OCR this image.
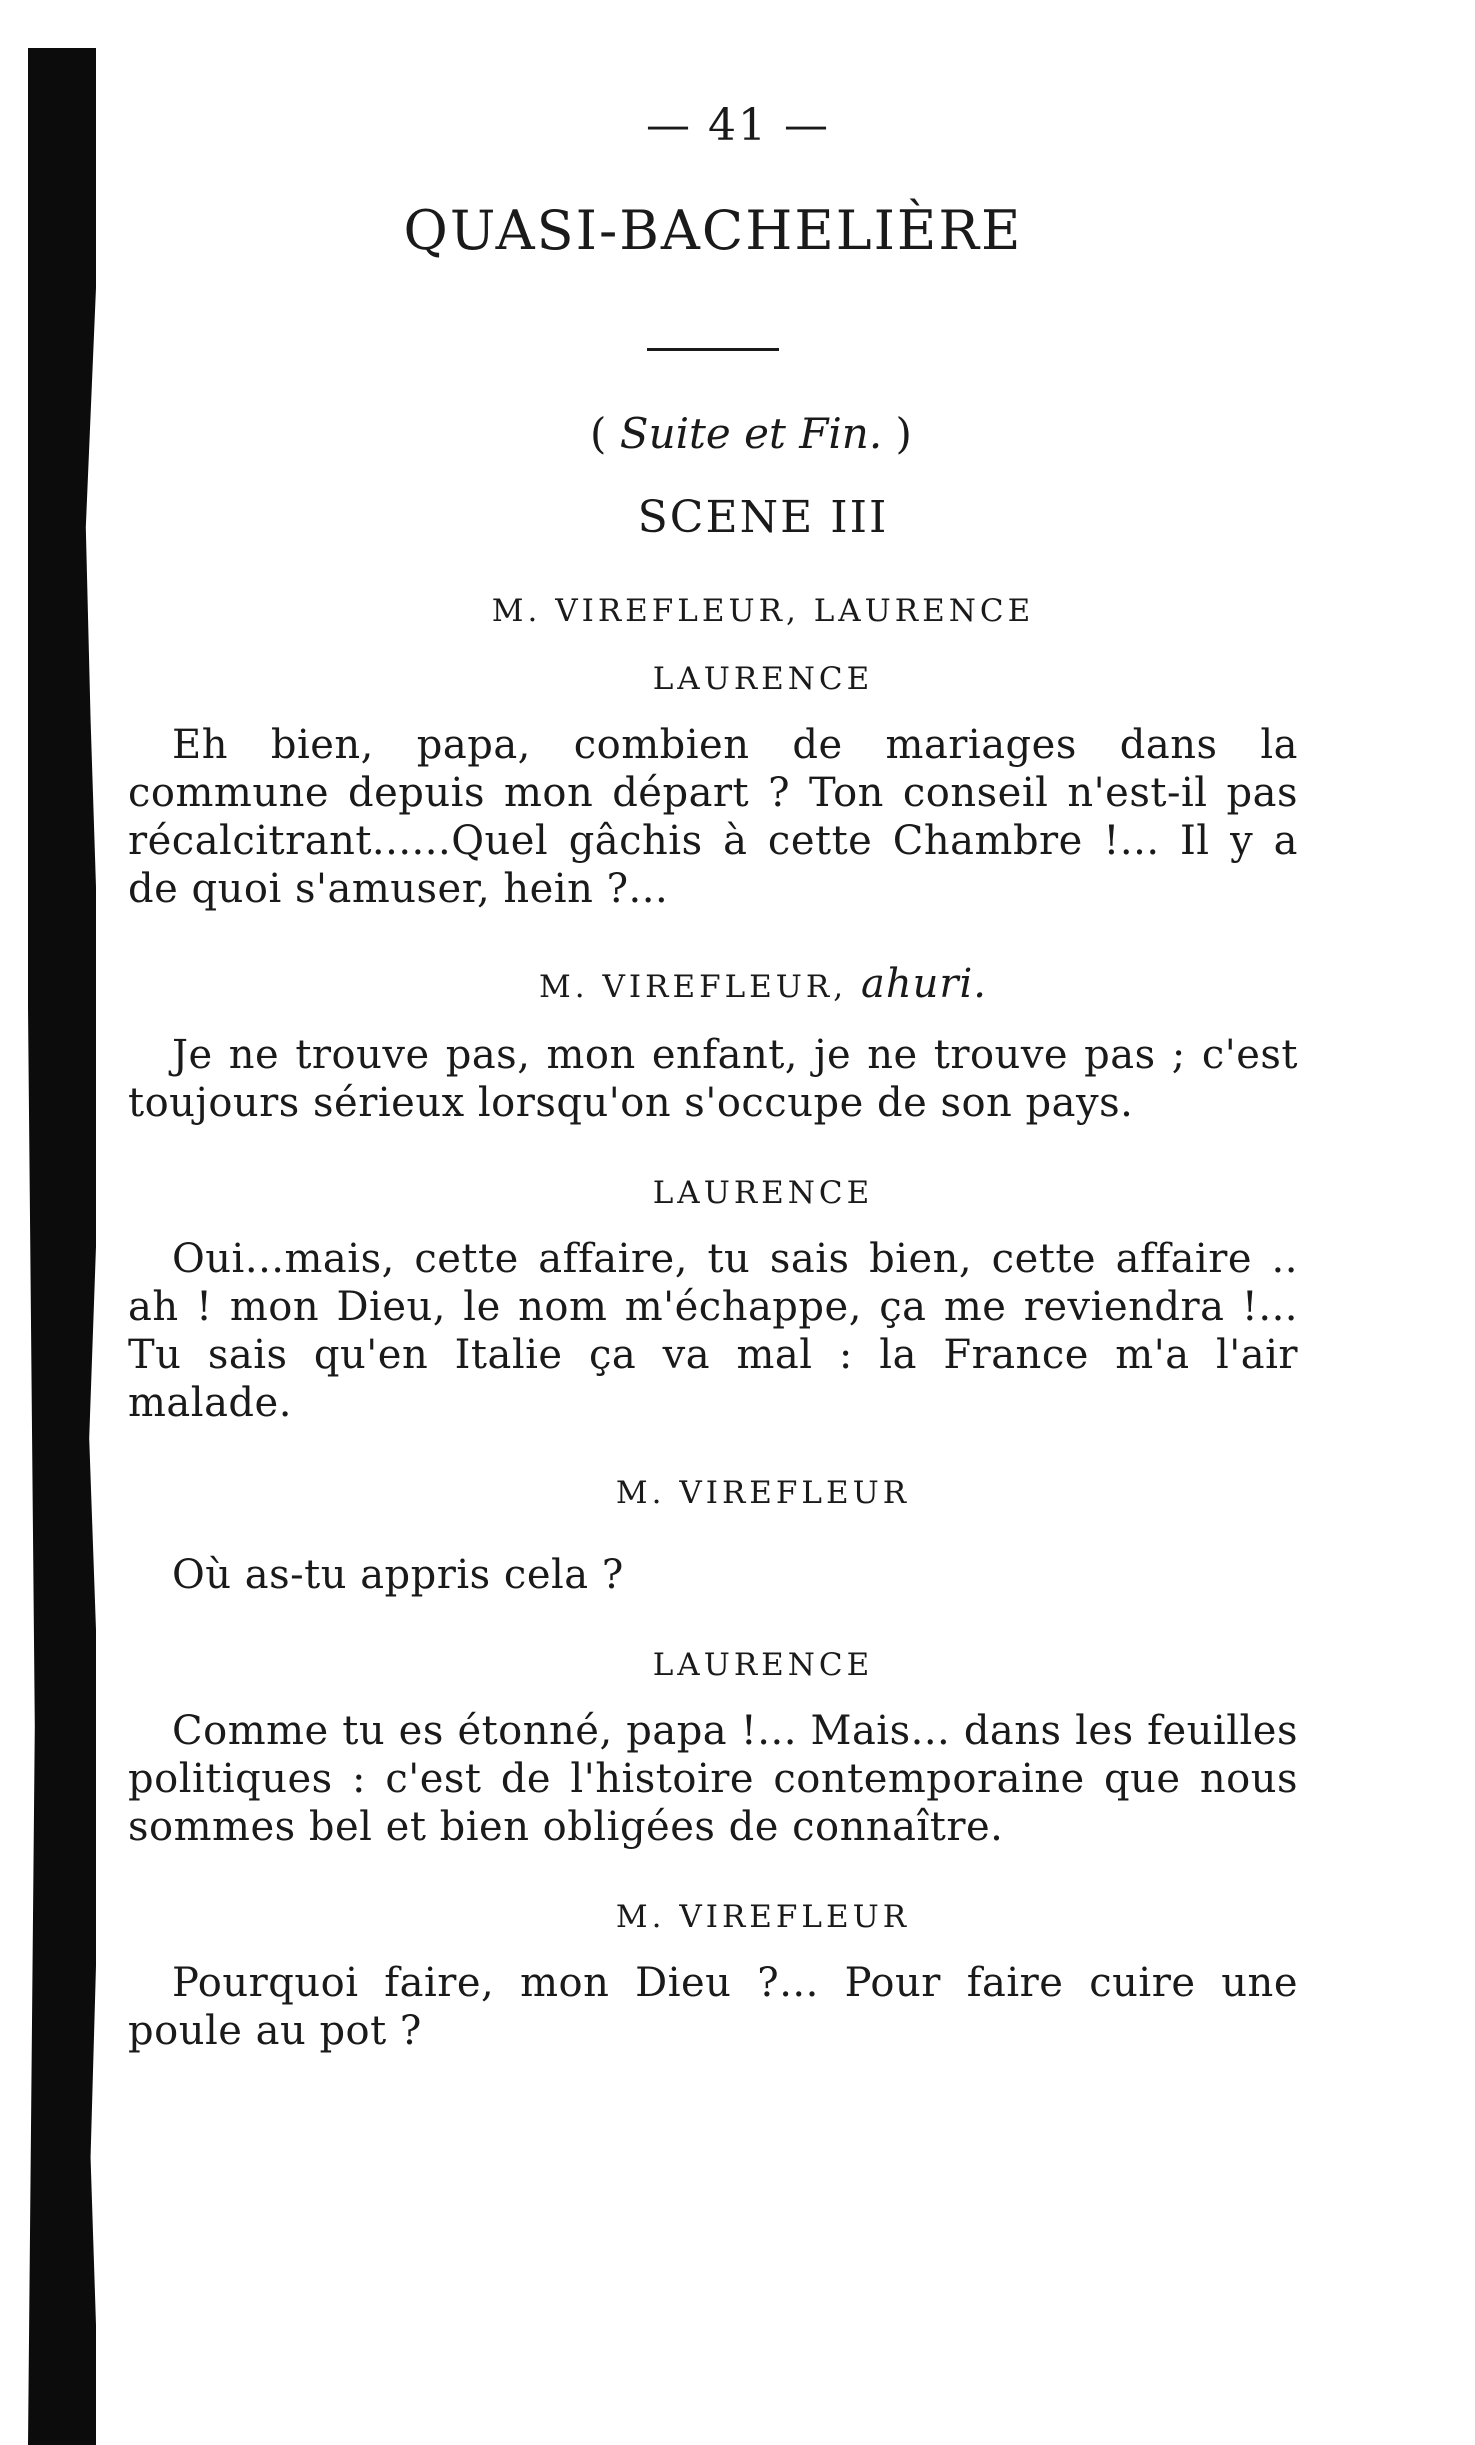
— 41 —
QUASI-BACHELIÈRE
( Suite et Fin. )
SCENE III
M. VIREFLEUR, LAURENCE
LAURENCE

Eh bien, papa, combien de mariages dans la commune depuis mon départ ? Ton conseil n'est-il pas récalcitrant......Quel gâchis à cette Chambre !... Il y a de quoi s'amuser, hein ?...

M. VIREFLEUR, ahuri.

Je ne trouve pas, mon enfant, je ne trouve pas ; c'est toujours sérieux lorsqu'on s'occupe de son pays.

LAURENCE

Oui...mais, cette affaire, tu sais bien, cette affaire .. ah ! mon Dieu, le nom m'échappe, ça me reviendra !... Tu sais qu'en Italie ça va mal : la France m'a l'air malade.

M. VIREFLEUR

Où as-tu appris cela ?

LAURENCE

Comme tu es étonné, papa !... Mais... dans les feuilles politiques : c'est de l'histoire contemporaine que nous sommes bel et bien obligées de connaître.

M. VIREFLEUR

Pourquoi faire, mon Dieu ?... Pour faire cuire une poule au pot ?
